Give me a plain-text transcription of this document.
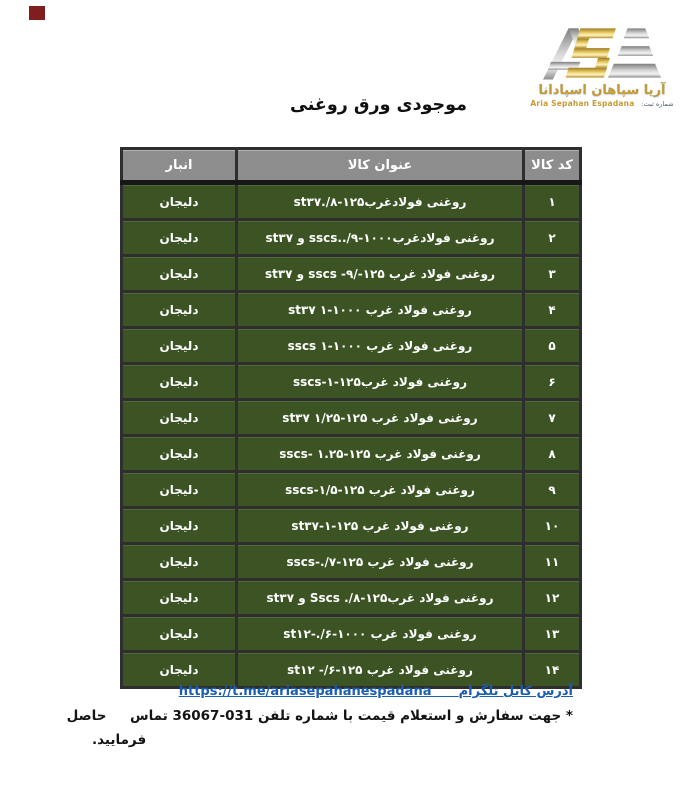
آریا سپاهان اسپادانا
Aria Sepahan Espadana شماره ثبت:
موجودی ورق روغنی
کد کالا	عنوان کالا	انبار
۱	روغنی فولادغرب۱۲۵-۸/.st۳۷	دلیجان
۲	روغنی فولادغرب۱۰۰۰-۹/..sscs و st۳۷	دلیجان
۳	روغنی فولاد غرب ۱۲۵-/۹- sscs و st۳۷	دلیجان
۴	روغنی فولاد غرب ۱۰۰۰-۱ st۳۷	دلیجان
۵	روغنی فولاد غرب ۱۰۰۰-۱ sscs	دلیجان
۶	روغنی فولاد غرب۱۲۵-۱-sscs	دلیجان
۷	روغنی فولاد غرب ۱۲۵-۱/۲۵ st۳۷	دلیجان
۸	روغنی فولاد غرب ۱۲۵-۱.۲۵ -sscs	دلیجان
۹	روغنی فولاد غرب ۱۲۵-۱/۵-sscs	دلیجان
۱۰	روغنی فولاد غرب ۱۲۵-۱-st۳۷	دلیجان
۱۱	روغنی فولاد غرب ۱۲۵-۷/.-sscs	دلیجان
۱۲	روغنی فولاد غرب۱۲۵-۸/. Sscs و st۳۷	دلیجان
۱۳	روغنی فولاد غرب ۱۰۰۰-۶/.-st۱۲	دلیجان
۱۴	روغنی فولاد غرب ۱۲۵-۶/- st۱۲	دلیجان
آدرس کانل تلگرام      https://t.me/ariasepahanespadana
* جهت سفارش و استعلام قیمت با شماره تلفن 031-36067 تماس     حاصل
فرمایید.
